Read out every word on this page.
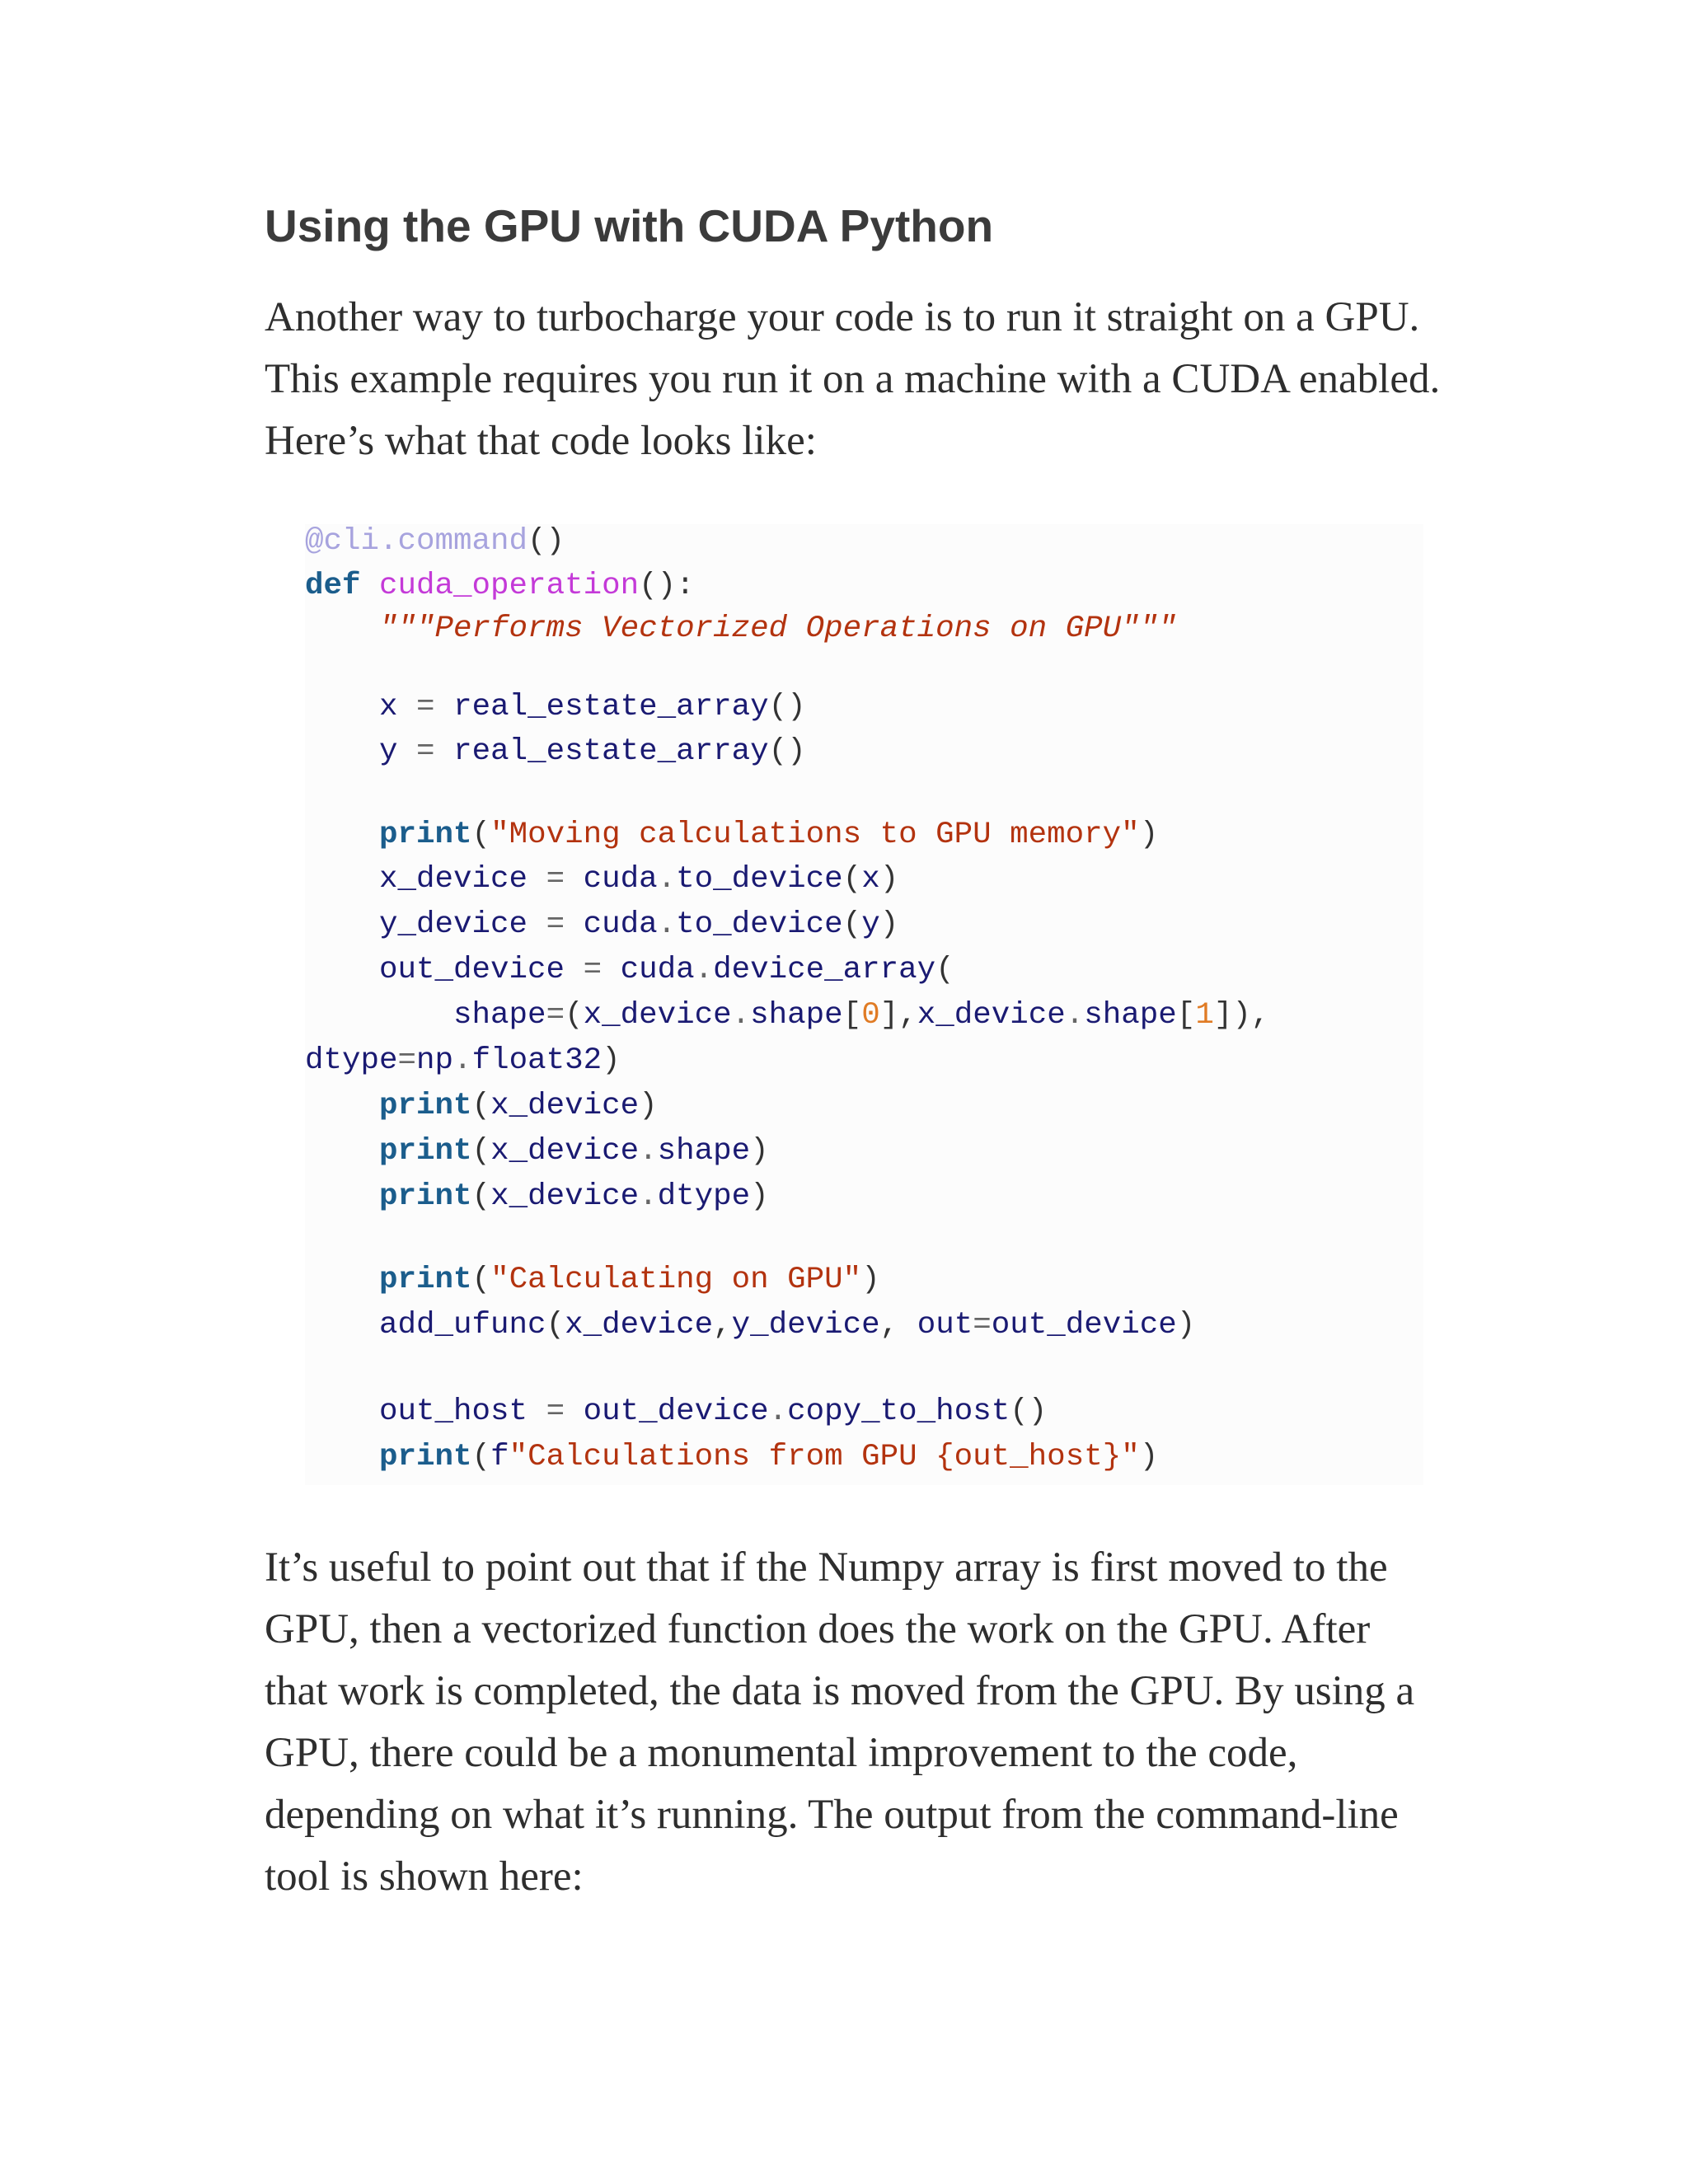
Using the GPU with CUDA Python

Another way to turbocharge your code is to run it straight on a GPU.
This example requires you run it on a machine with a CUDA enabled.
Here’s what that code looks like:

@cli.command()

def cuda_operation():

"""Performs Vectorized Operations on GPU"""

x = real_estate_array()

y = real_estate_array()

print("Moving calculations to GPU memory")

x_device = cuda.to_device(x)

y_device = cuda.to_device(y)

out_device = cuda.device_array(

shape=(x_device.shape[0],x_device.shape[1]),

dtype=np.float32)

print(x_device)

print(x_device.shape)

print(x_device.dtype)

print("Calculating on GPU")

add_ufunc(x_device,y_device, out=out_device)

out_host = out_device.copy_to_host()

print(f"Calculations from GPU {out_host}")

It’s useful to point out that if the Numpy array is first moved to the
GPU, then a vectorized function does the work on the GPU. After
that work is completed, the data is moved from the GPU. By using a
GPU, there could be a monumental improvement to the code,
depending on what it’s running. The output from the command-line
tool is shown here:
